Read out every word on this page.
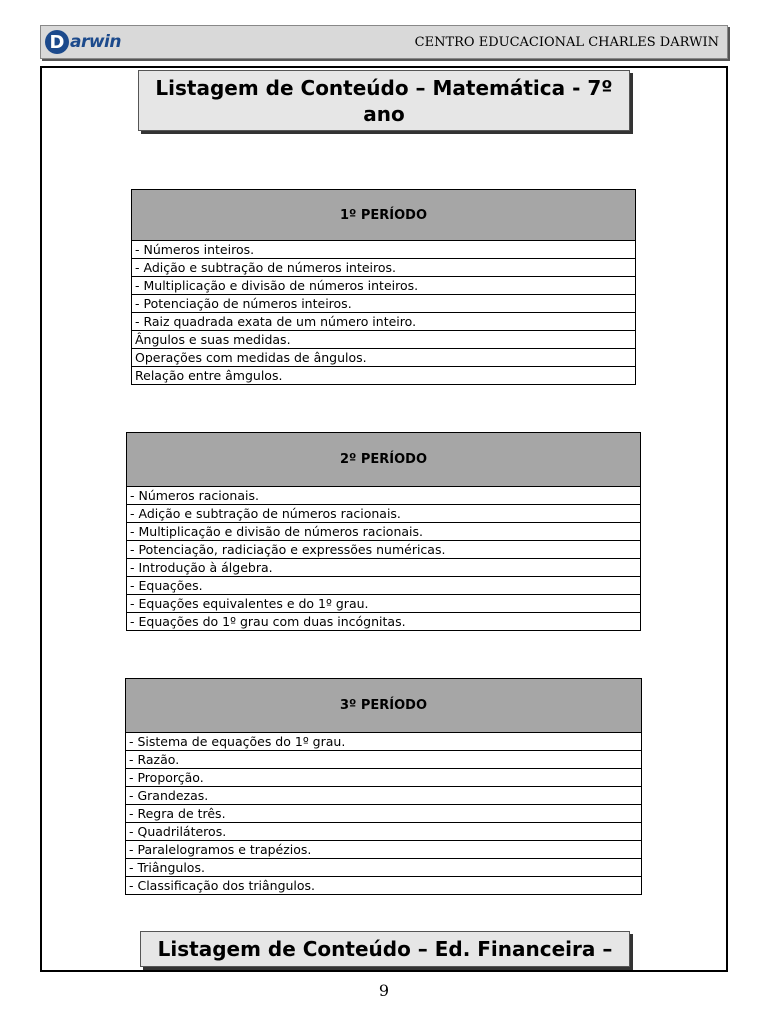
D arwin	CENTRO EDUCACIONAL CHARLES DARWIN
Listagem de Conteúdo – Matemática - 7º ano
1º PERÍODO
- Números inteiros.
- Adição e subtração de números inteiros.
- Multiplicação e divisão de números inteiros.
- Potenciação de números inteiros.
- Raiz quadrada exata de um número inteiro.
Ângulos e suas medidas.
Operações com medidas de ângulos.
Relação entre âmgulos.
2º PERÍODO
- Números racionais.
- Adição e subtração de números racionais.
- Multiplicação e divisão de números racionais.
- Potenciação, radiciação e expressões numéricas.
- Introdução à álgebra.
- Equações.
- Equações equivalentes e do 1º grau.
- Equações do 1º grau com duas incógnitas.
3º PERÍODO
- Sistema de equações do 1º grau.
- Razão.
- Proporção.
- Grandezas.
- Regra de três.
- Quadriláteros.
- Paralelogramos e trapézios.
- Triângulos.
- Classificação dos triângulos.
Listagem de Conteúdo – Ed. Financeira –
9
